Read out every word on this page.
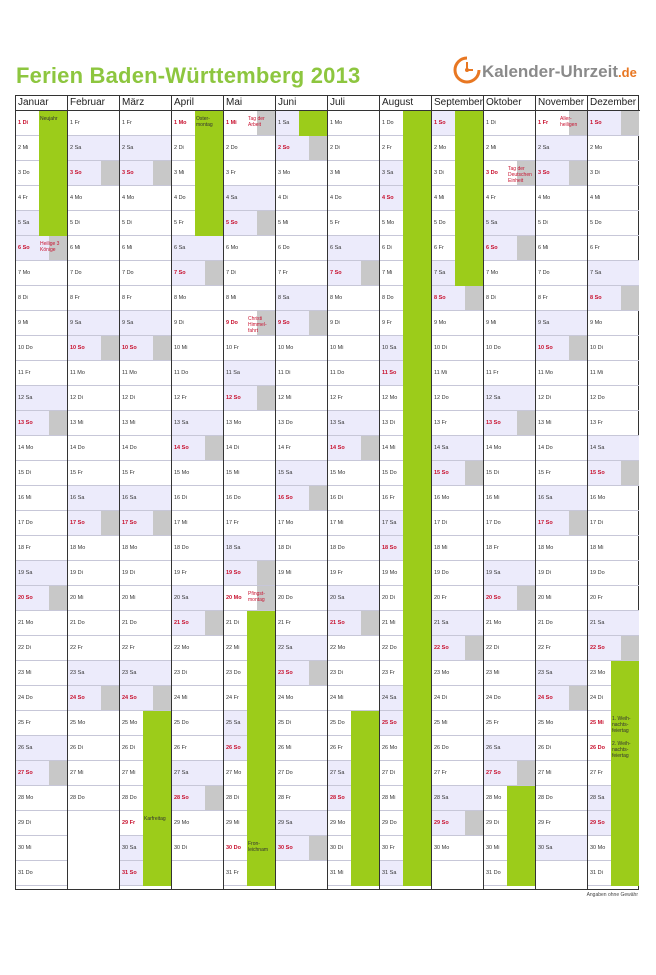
Ferien Baden-Württemberg 2013	Kalender-Uhrzeit.de
Januar
1 Di
Neujahr
2 Mi
3 Do
4 Fr
5 Sa
6 So
Heilige 3 Könige
7 Mo
8 Di
9 Mi
10 Do
11 Fr
12 Sa
13 So
14 Mo
15 Di
16 Mi
17 Do
18 Fr
19 Sa
20 So
21 Mo
22 Di
23 Mi
24 Do
25 Fr
26 Sa
27 So
28 Mo
29 Di
30 Mi
31 Do
Februar
1 Fr
2 Sa
3 So
4 Mo
5 Di
6 Mi
7 Do
8 Fr
9 Sa
10 So
11 Mo
12 Di
13 Mi
14 Do
15 Fr
16 Sa
17 So
18 Mo
19 Di
20 Mi
21 Do
22 Fr
23 Sa
24 So
25 Mo
26 Di
27 Mi
28 Do
März
1 Fr
2 Sa
3 So
4 Mo
5 Di
6 Mi
7 Do
8 Fr
9 Sa
10 So
11 Mo
12 Di
13 Mi
14 Do
15 Fr
16 Sa
17 So
18 Mo
19 Di
20 Mi
21 Do
22 Fr
23 Sa
24 So
25 Mo
26 Di
27 Mi
28 Do
29 Fr
Karfreitag
30 Sa
31 So
April
1 Mo
Oster-montag
2 Di
3 Mi
4 Do
5 Fr
6 Sa
7 So
8 Mo
9 Di
10 Mi
11 Do
12 Fr
13 Sa
14 So
15 Mo
16 Di
17 Mi
18 Do
19 Fr
20 Sa
21 So
22 Mo
23 Di
24 Mi
25 Do
26 Fr
27 Sa
28 So
29 Mo
30 Di
Mai
1 Mi
Tag der Arbeit
2 Do
3 Fr
4 Sa
5 So
6 Mo
7 Di
8 Mi
9 Do
Christi Himmel-fahrt
10 Fr
11 Sa
12 So
13 Mo
14 Di
15 Mi
16 Do
17 Fr
18 Sa
19 So
20 Mo
Pfingst-montag
21 Di
22 Mi
23 Do
24 Fr
25 Sa
26 So
27 Mo
28 Di
29 Mi
30 Do
Fron-leichnam
31 Fr
Juni
1 Sa
2 So
3 Mo
4 Di
5 Mi
6 Do
7 Fr
8 Sa
9 So
10 Mo
11 Di
12 Mi
13 Do
14 Fr
15 Sa
16 So
17 Mo
18 Di
19 Mi
20 Do
21 Fr
22 Sa
23 So
24 Mo
25 Di
26 Mi
27 Do
28 Fr
29 Sa
30 So
Juli
1 Mo
2 Di
3 Mi
4 Do
5 Fr
6 Sa
7 So
8 Mo
9 Di
10 Mi
11 Do
12 Fr
13 Sa
14 So
15 Mo
16 Di
17 Mi
18 Do
19 Fr
20 Sa
21 So
22 Mo
23 Di
24 Mi
25 Do
26 Fr
27 Sa
28 So
29 Mo
30 Di
31 Mi
August
1 Do
2 Fr
3 Sa
4 So
5 Mo
6 Di
7 Mi
8 Do
9 Fr
10 Sa
11 So
12 Mo
13 Di
14 Mi
15 Do
16 Fr
17 Sa
18 So
19 Mo
20 Di
21 Mi
22 Do
23 Fr
24 Sa
25 So
26 Mo
27 Di
28 Mi
29 Do
30 Fr
31 Sa
September
1 So
2 Mo
3 Di
4 Mi
5 Do
6 Fr
7 Sa
8 So
9 Mo
10 Di
11 Mi
12 Do
13 Fr
14 Sa
15 So
16 Mo
17 Di
18 Mi
19 Do
20 Fr
21 Sa
22 So
23 Mo
24 Di
25 Mi
26 Do
27 Fr
28 Sa
29 So
30 Mo
Oktober
1 Di
2 Mi
3 Do
Tag der Deutschen Einheit
4 Fr
5 Sa
6 So
7 Mo
8 Di
9 Mi
10 Do
11 Fr
12 Sa
13 So
14 Mo
15 Di
16 Mi
17 Do
18 Fr
19 Sa
20 So
21 Mo
22 Di
23 Mi
24 Do
25 Fr
26 Sa
27 So
28 Mo
29 Di
30 Mi
31 Do
November
1 Fr
Aller-heiligen
2 Sa
3 So
4 Mo
5 Di
6 Mi
7 Do
8 Fr
9 Sa
10 So
11 Mo
12 Di
13 Mi
14 Do
15 Fr
16 Sa
17 So
18 Mo
19 Di
20 Mi
21 Do
22 Fr
23 Sa
24 So
25 Mo
26 Di
27 Mi
28 Do
29 Fr
30 Sa
Dezember
1 So
2 Mo
3 Di
4 Mi
5 Do
6 Fr
7 Sa
8 So
9 Mo
10 Di
11 Mi
12 Do
13 Fr
14 Sa
15 So
16 Mo
17 Di
18 Mi
19 Do
20 Fr
21 Sa
22 So
23 Mo
24 Di
25 Mi
1. Weih-nachts-feiertag
26 Do
2. Weih-nachts-feiertag
27 Fr
28 Sa
29 So
30 Mo
31 Di
Angaben ohne Gewähr
